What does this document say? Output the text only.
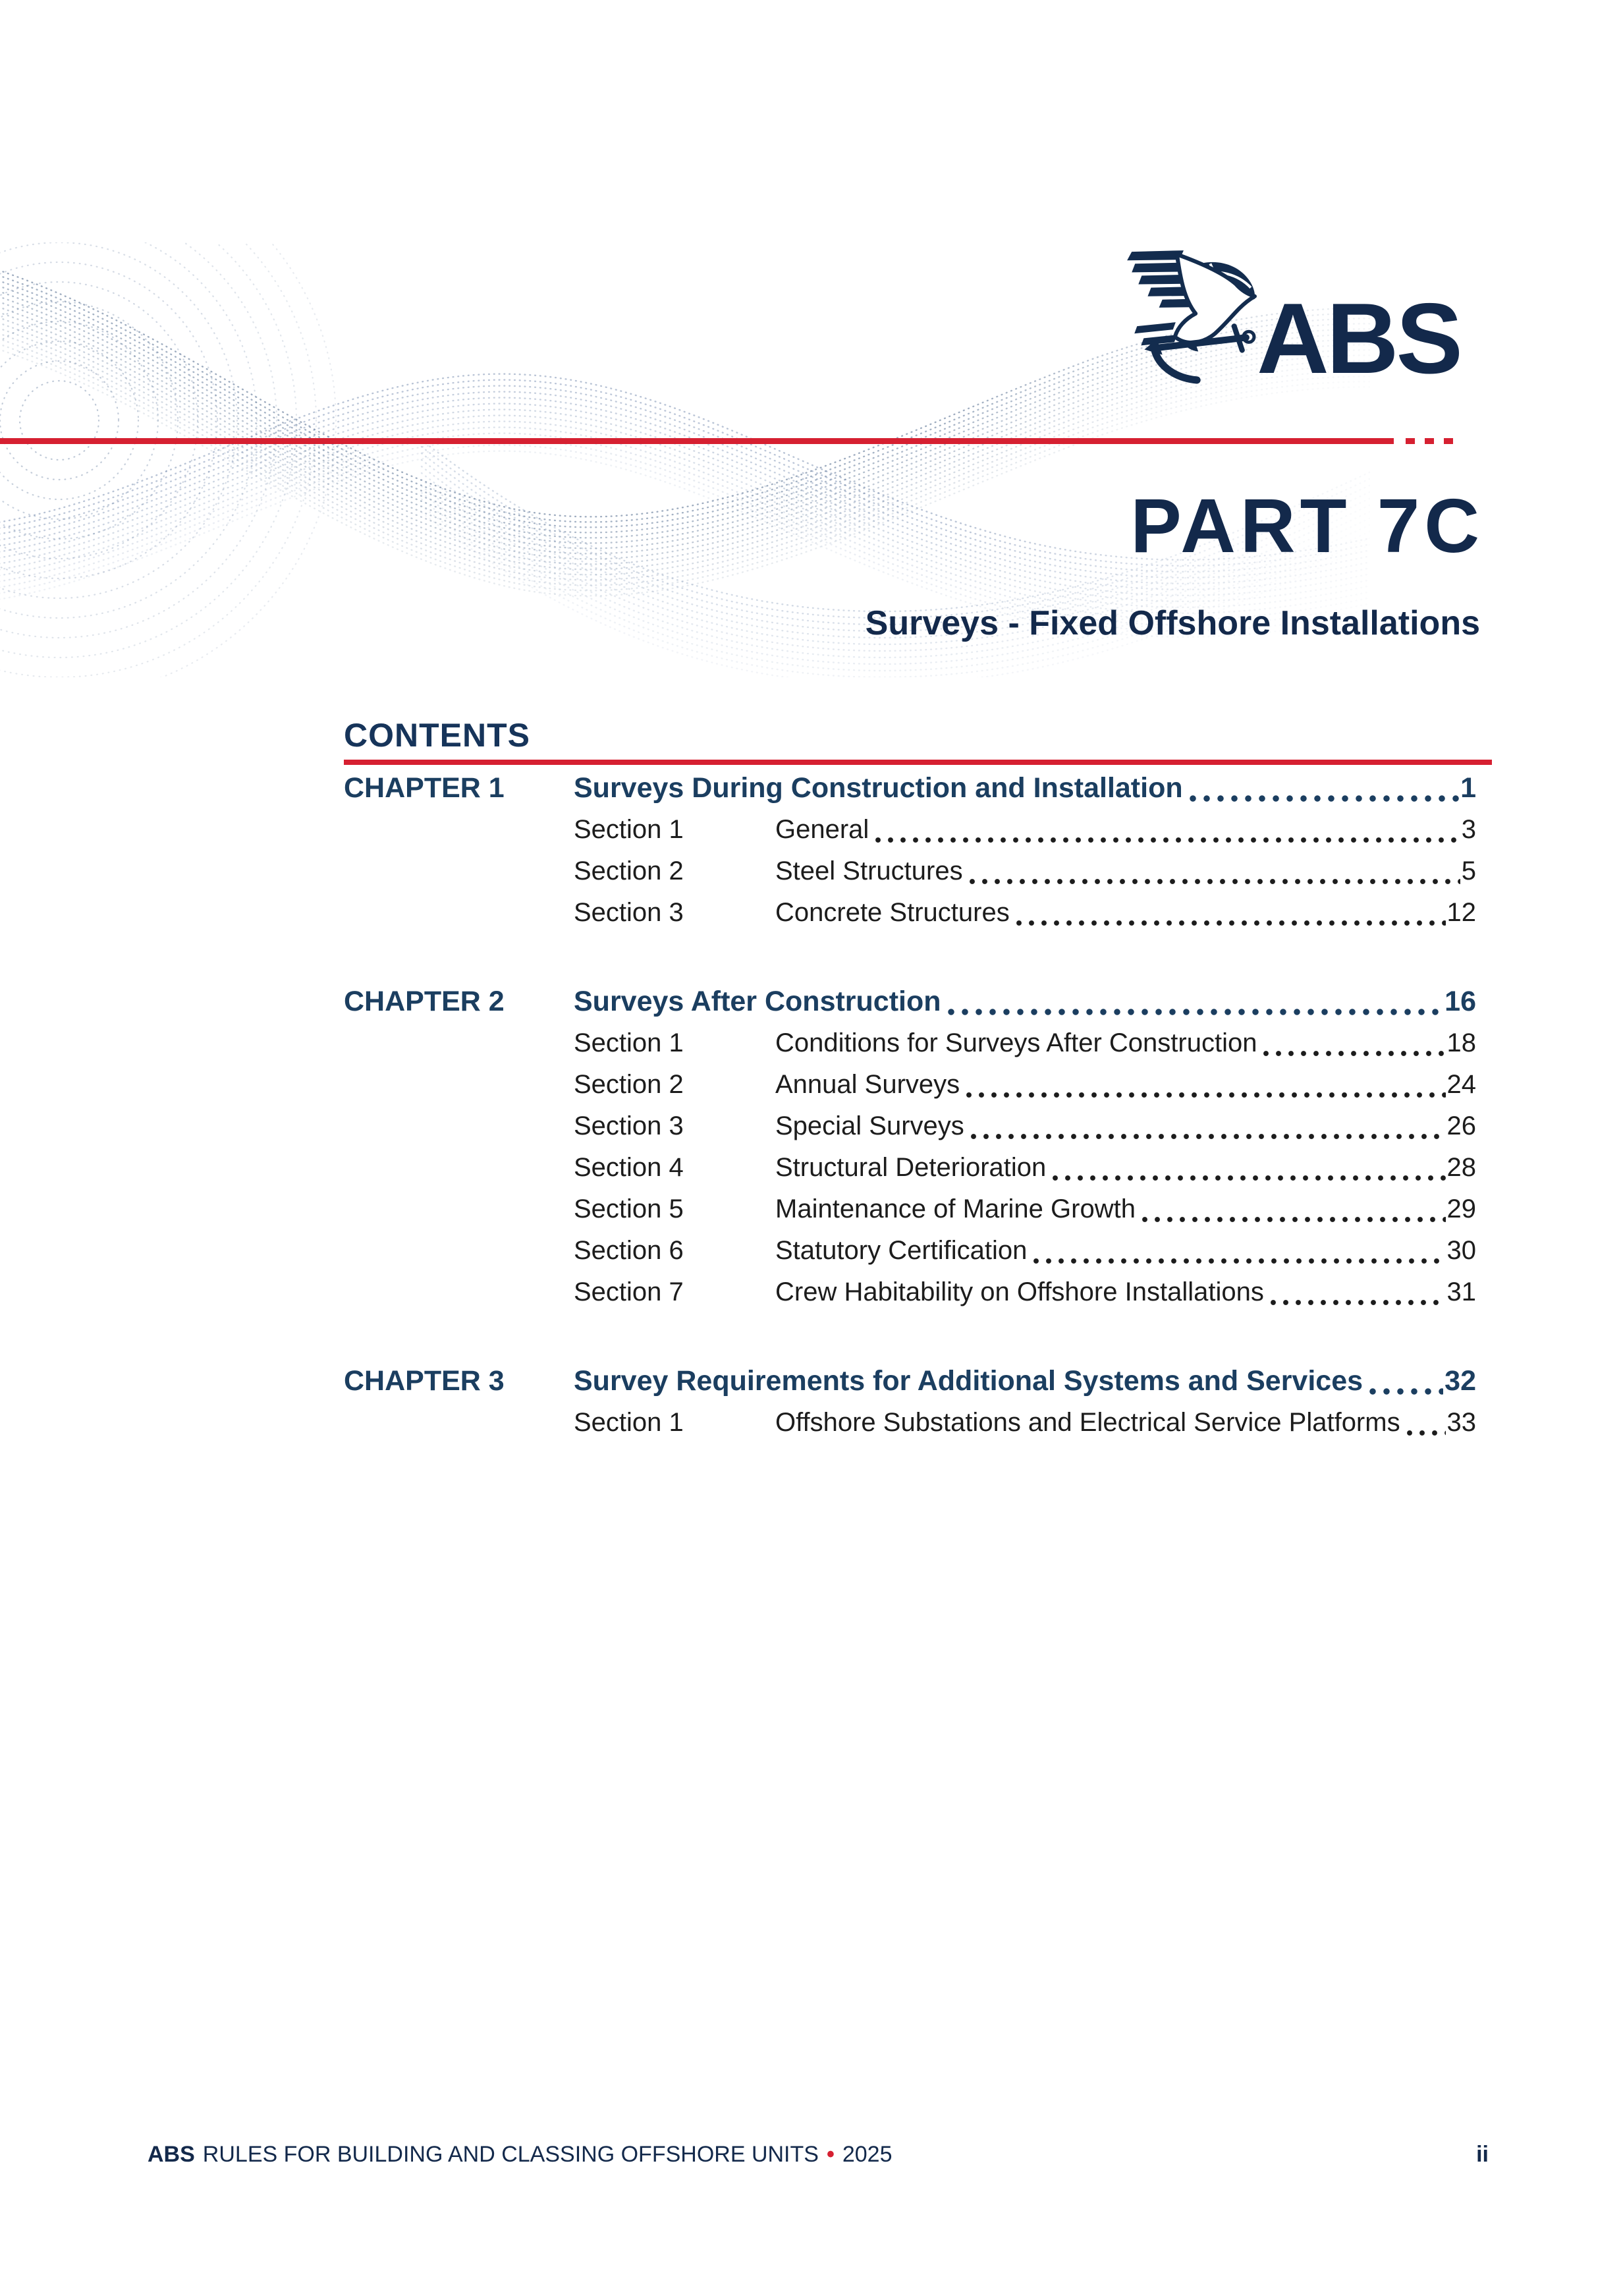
ABS
PART 7C
Surveys - Fixed Offshore Installations
CONTENTS
CHAPTER 1	Surveys During Construction and Installation	1
Section 1	General	3
Section 2	Steel Structures	5
Section 3	Concrete Structures	12
CHAPTER 2	Surveys After Construction	16
Section 1	Conditions for Surveys After Construction	18
Section 2	Annual Surveys	24
Section 3	Special Surveys	26
Section 4	Structural Deterioration	28
Section 5	Maintenance of Marine Growth	29
Section 6	Statutory Certification	30
Section 7	Crew Habitability on Offshore Installations	31
CHAPTER 3	Survey Requirements for Additional Systems and Services	32
Section 1	Offshore Substations and Electrical Service Platforms 33
ABS RULES FOR BUILDING AND CLASSING OFFSHORE UNITS • 2025	ii
